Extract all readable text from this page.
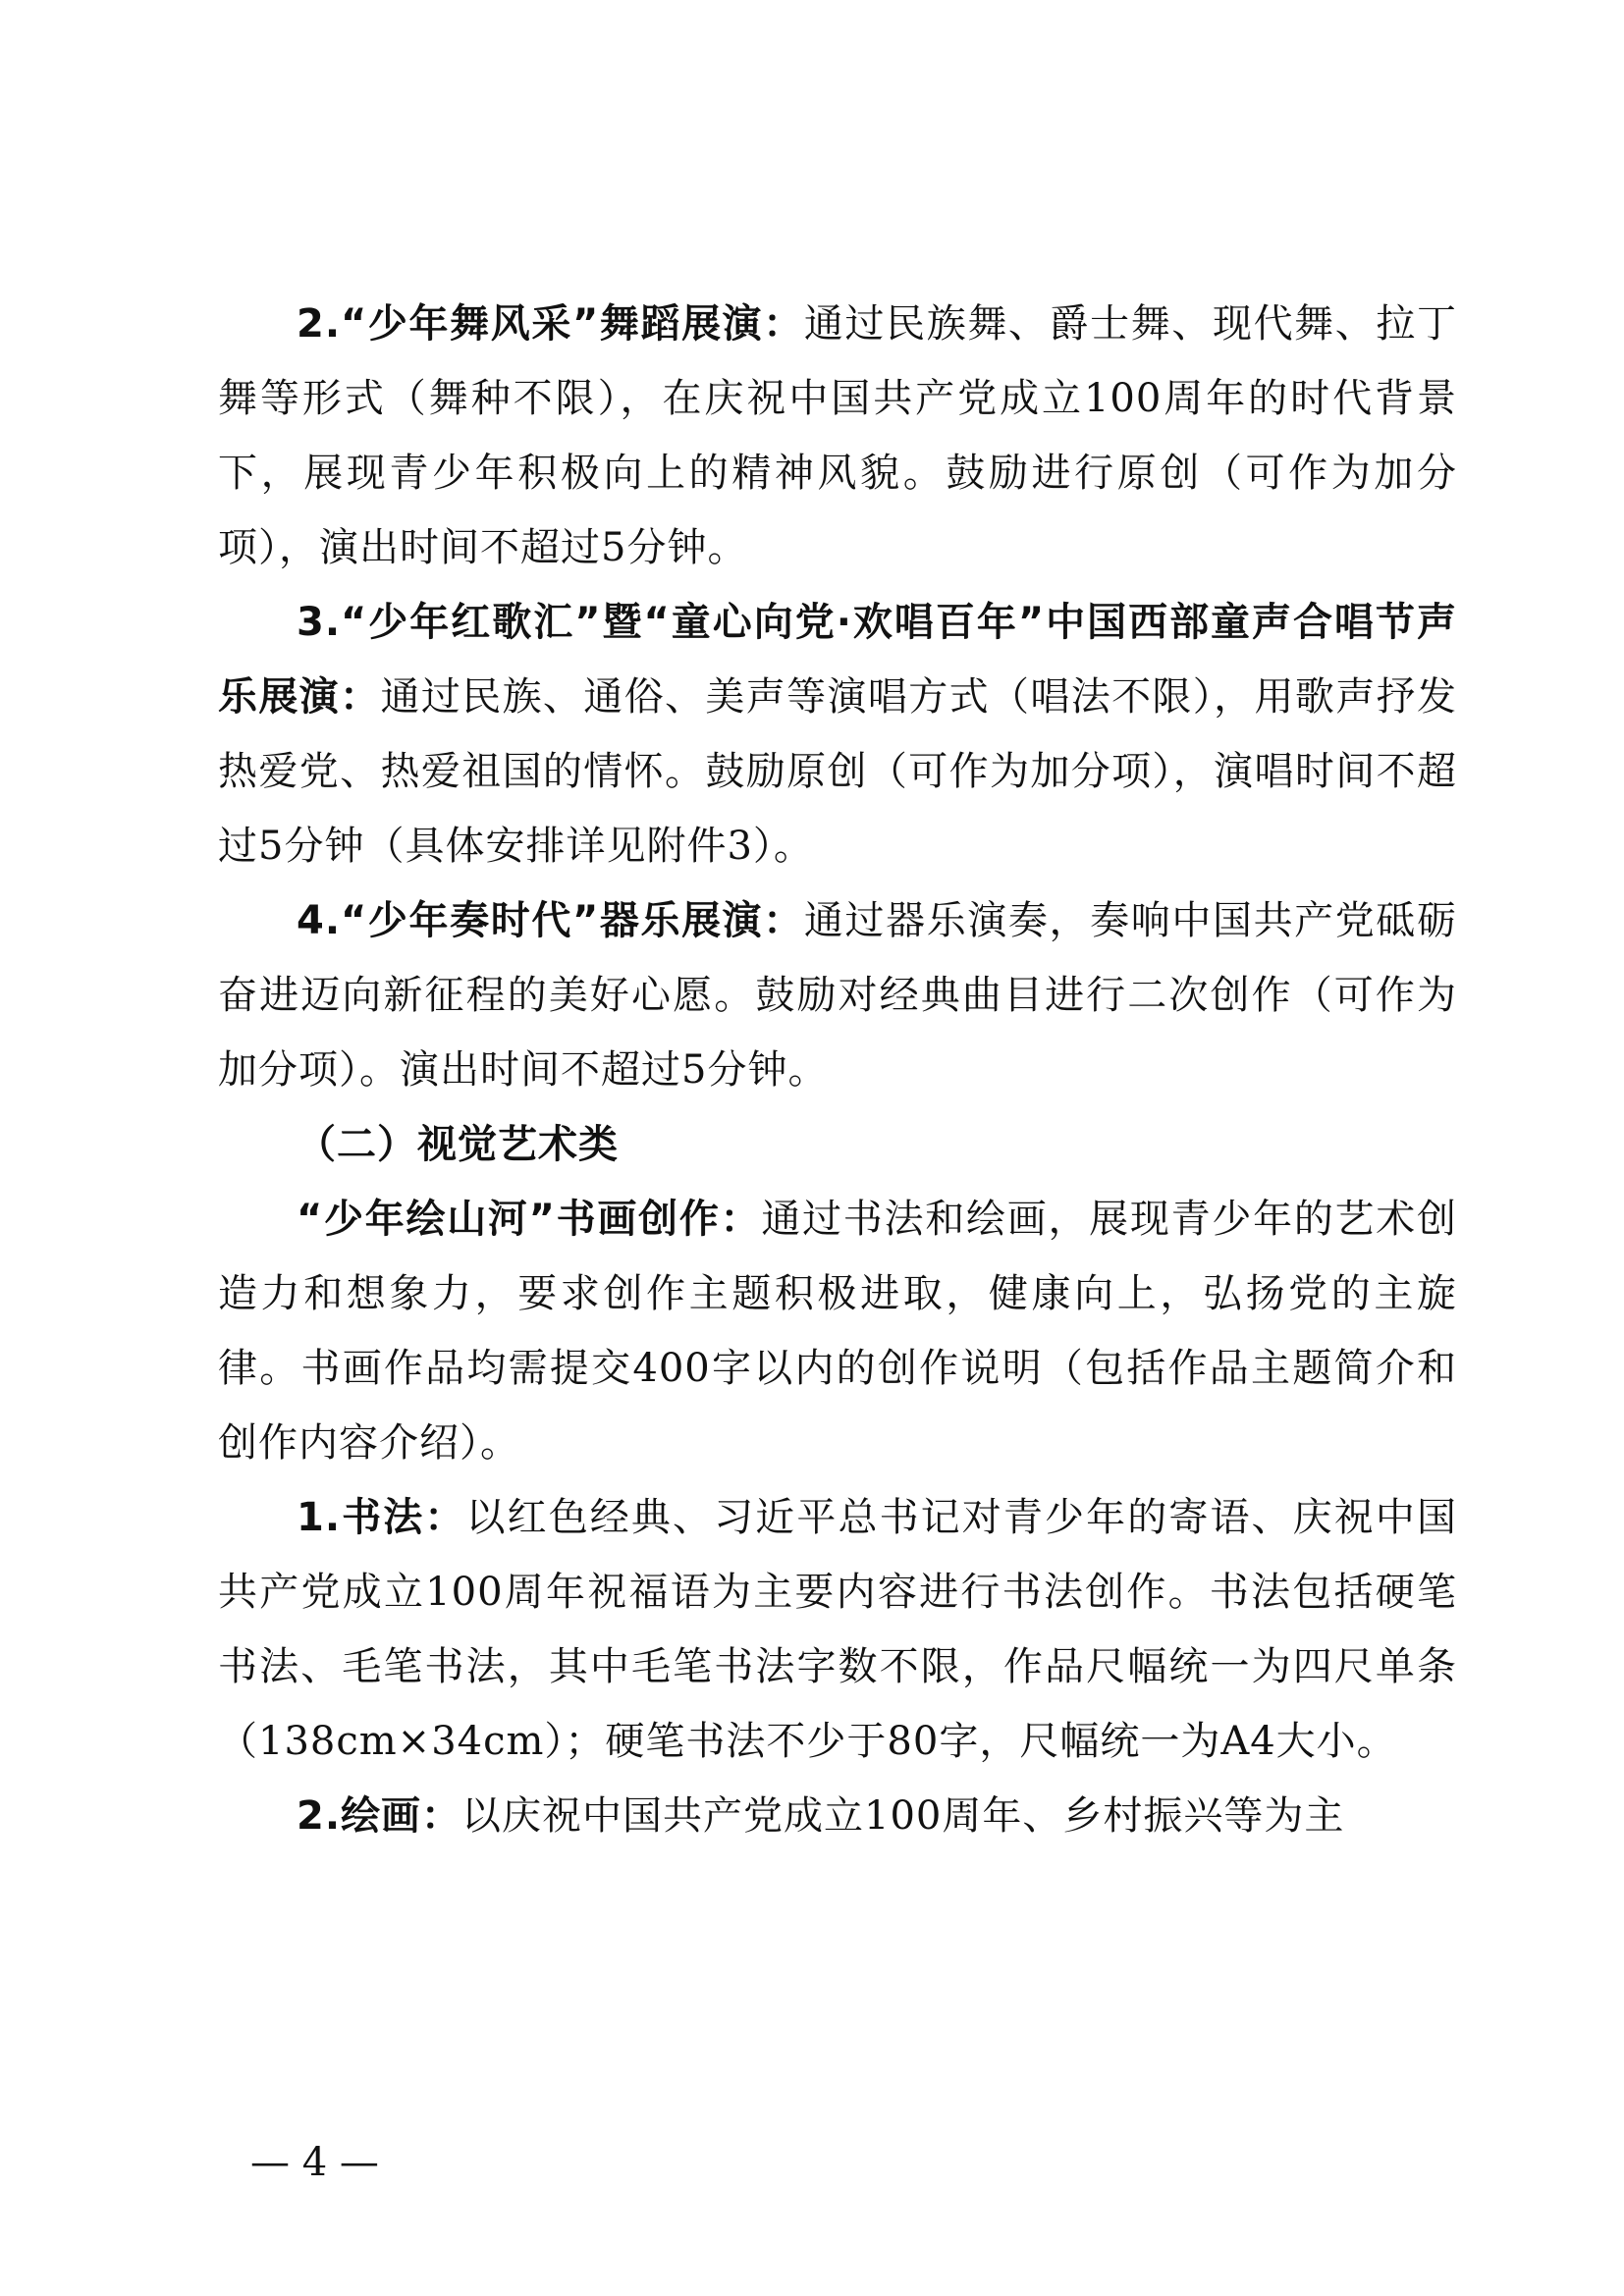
2.“少年舞风采”舞蹈展演：通过民族舞、爵士舞、现代舞、拉丁舞等形式（舞种不限），在庆祝中国共产党成立100周年的时代背景下，展现青少年积极向上的精神风貌。鼓励进行原创（可作为加分项），演出时间不超过5分钟。

3.“少年红歌汇”暨“童心向党·欢唱百年”中国西部童声合唱节声乐展演：通过民族、通俗、美声等演唱方式（唱法不限），用歌声抒发热爱党、热爱祖国的情怀。鼓励原创（可作为加分项），演唱时间不超过5分钟（具体安排详见附件3）。

4.“少年奏时代”器乐展演：通过器乐演奏，奏响中国共产党砥砺奋进迈向新征程的美好心愿。鼓励对经典曲目进行二次创作（可作为加分项）。演出时间不超过5分钟。

（二）视觉艺术类

“少年绘山河”书画创作：通过书法和绘画，展现青少年的艺术创造力和想象力，要求创作主题积极进取，健康向上，弘扬党的主旋律。书画作品均需提交400字以内的创作说明（包括作品主题简介和创作内容介绍）。

1.书法：以红色经典、习近平总书记对青少年的寄语、庆祝中国共产党成立100周年祝福语为主要内容进行书法创作。书法包括硬笔书法、毛笔书法，其中毛笔书法字数不限，作品尺幅统一为四尺单条（138cm×34cm）；硬笔书法不少于80字，尺幅统一为A4大小。

2.绘画：以庆祝中国共产党成立100周年、乡村振兴等为主

— 4 —
